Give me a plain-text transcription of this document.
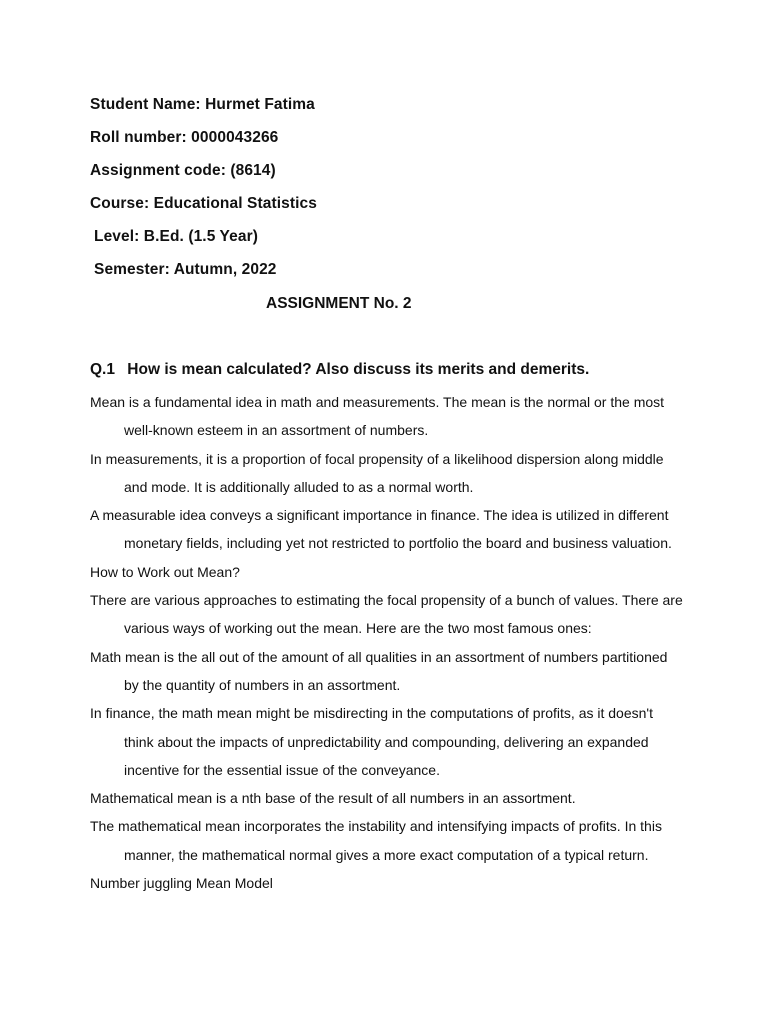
Student Name: Hurmet Fatima
Roll number: 0000043266
Assignment code: (8614)
Course: Educational Statistics
Level: B.Ed. (1.5 Year)
Semester: Autumn, 2022
ASSIGNMENT No. 2
Q.1 How is mean calculated? Also discuss its merits and demerits.

Mean is a fundamental idea in math and measurements. The mean is the normal or the most
well-known esteem in an assortment of numbers.

In measurements, it is a proportion of focal propensity of a likelihood dispersion along middle
and mode. It is additionally alluded to as a normal worth.

A measurable idea conveys a significant importance in finance. The idea is utilized in different
monetary fields, including yet not restricted to portfolio the board and business valuation.

How to Work out Mean?

There are various approaches to estimating the focal propensity of a bunch of values. There are
various ways of working out the mean. Here are the two most famous ones:

Math mean is the all out of the amount of all qualities in an assortment of numbers partitioned
by the quantity of numbers in an assortment.

In finance, the math mean might be misdirecting in the computations of profits, as it doesn't
think about the impacts of unpredictability and compounding, delivering an expanded
incentive for the essential issue of the conveyance.

Mathematical mean is a nth base of the result of all numbers in an assortment.

The mathematical mean incorporates the instability and intensifying impacts of profits. In this
manner, the mathematical normal gives a more exact computation of a typical return.

Number juggling Mean Model
